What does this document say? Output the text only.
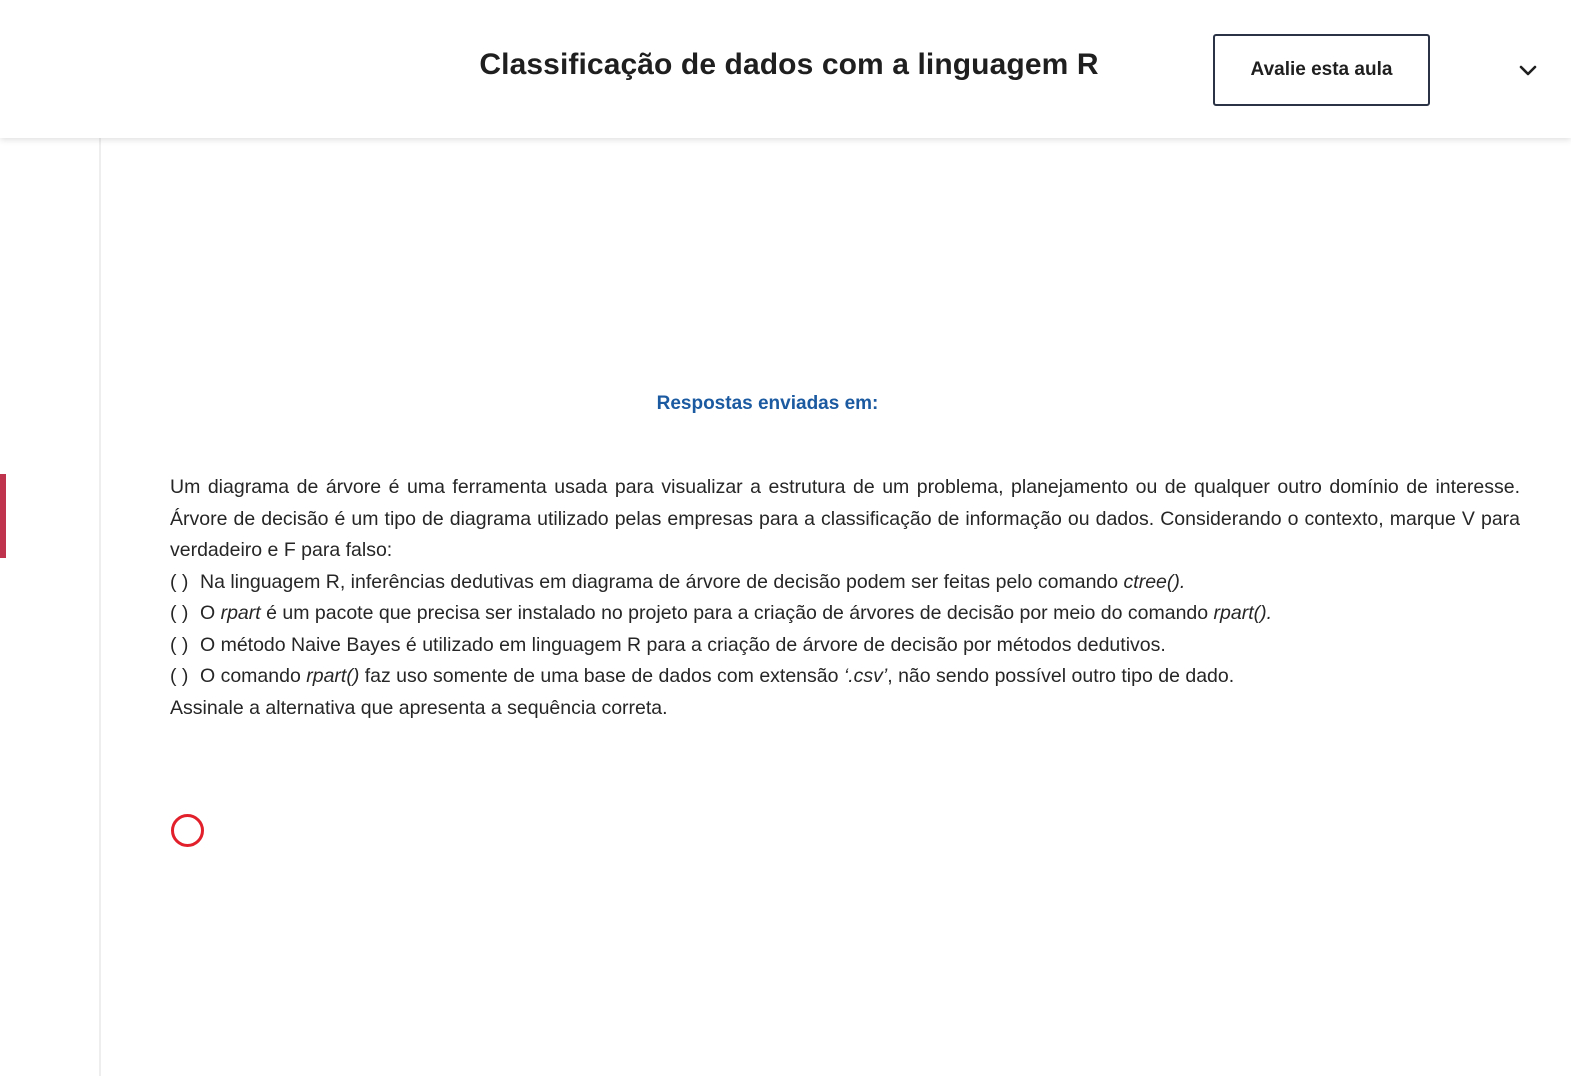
Classificação de dados com a linguagem R	Avalie esta aula
Respostas enviadas em:

Um diagrama de árvore é uma ferramenta usada para visualizar a estrutura de um problema, planejamento ou de qualquer outro domínio de interesse. Árvore de decisão é um tipo de diagrama utilizado pelas empresas para a classificação de informação ou dados. Considerando o contexto, marque V para verdadeiro e F para falso:

( ) Na linguagem R, inferências dedutivas em diagrama de árvore de decisão podem ser feitas pelo comando ctree().

( ) O rpart é um pacote que precisa ser instalado no projeto para a criação de árvores de decisão por meio do comando rpart().

( ) O método Naive Bayes é utilizado em linguagem R para a criação de árvore de decisão por métodos dedutivos.

( ) O comando rpart() faz uso somente de uma base de dados com extensão ‘.csv’, não sendo possível outro tipo de dado.

Assinale a alternativa que apresenta a sequência correta.
